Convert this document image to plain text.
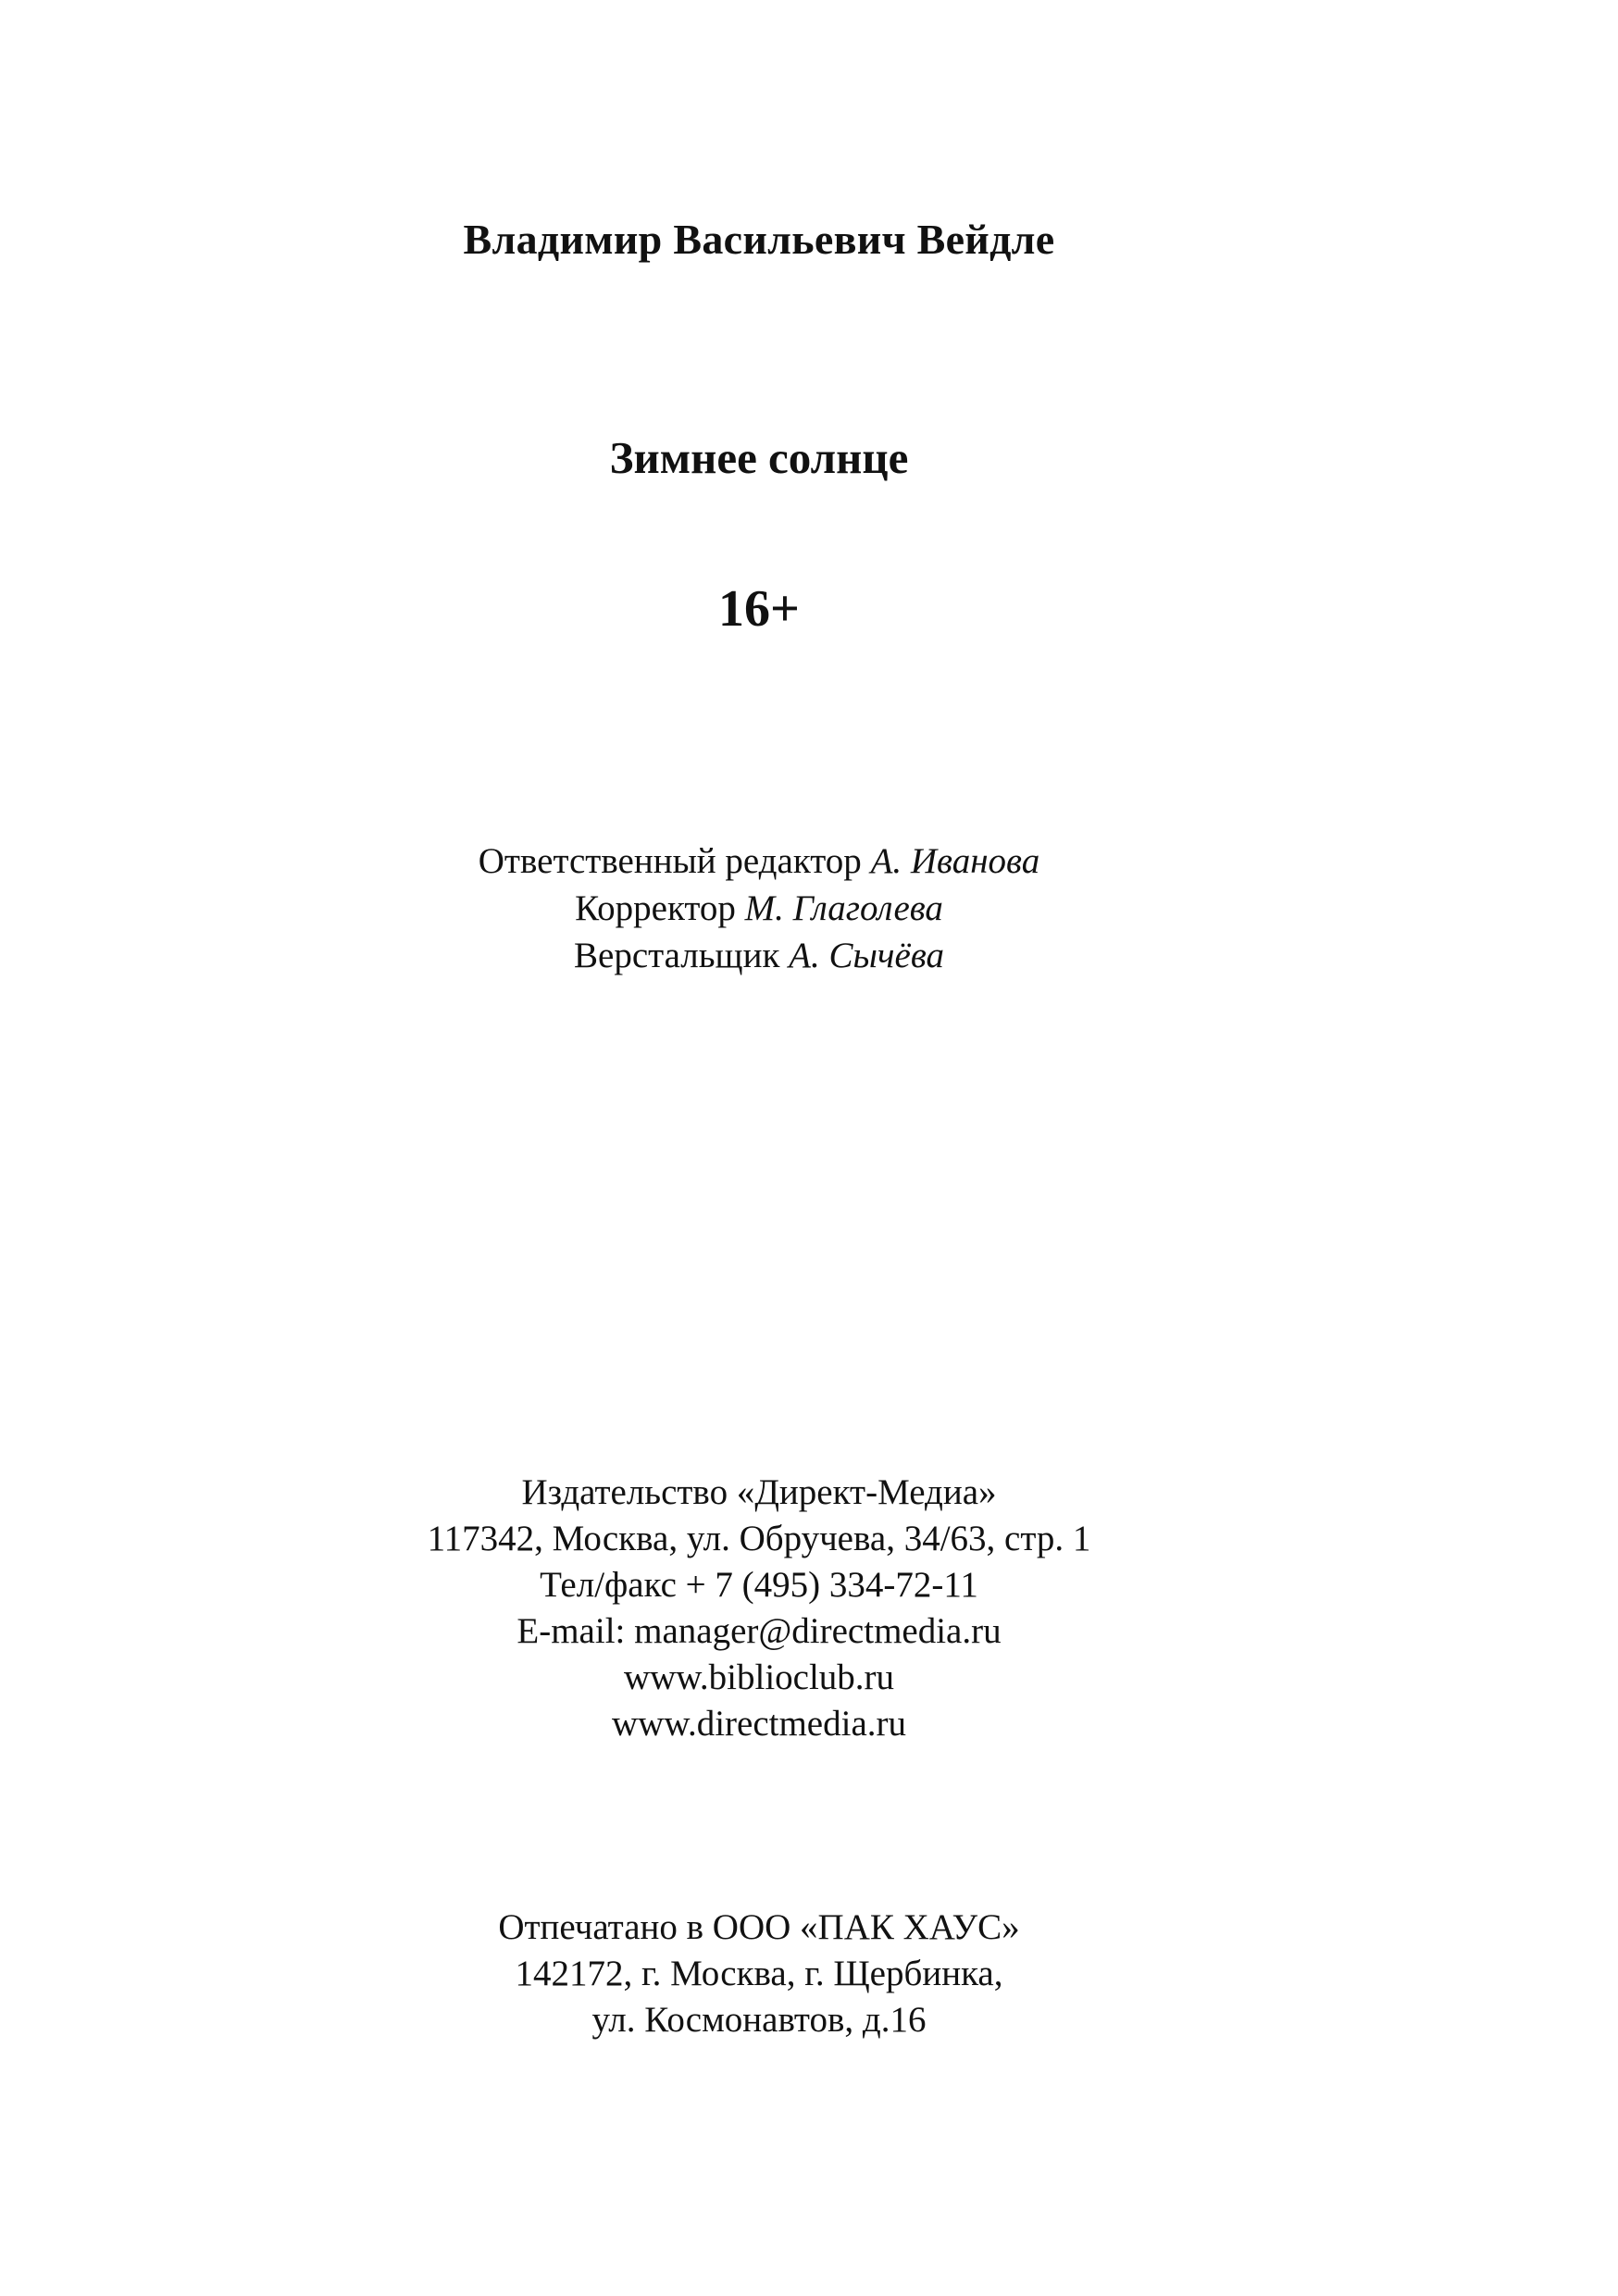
Владимир Васильевич Вейдле
Зимнее солнце
16+
Ответственный редактор А. Иванова
Корректор М. Глаголева
Верстальщик А. Сычёва
Издательство «Директ-Медиа»
117342, Москва, ул. Обручева, 34/63, стр. 1
Тел/факс + 7 (495) 334-72-11
E-mail: manager@directmedia.ru
www.biblioclub.ru
www.directmedia.ru
Отпечатано в ООО «ПАК ХАУС»
142172, г. Москва, г. Щербинка,
ул. Космонавтов, д.16
